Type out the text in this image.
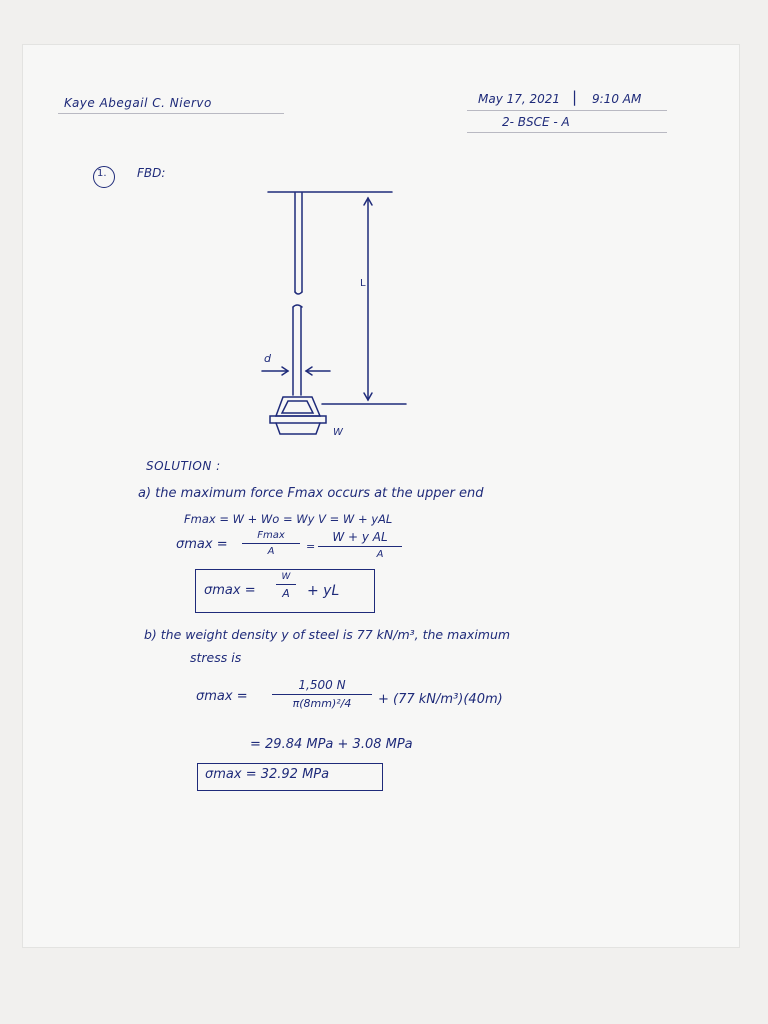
Kaye Abegail C. Niervo	May 17, 2021 | 9:10 AM
2- BSCE - A
1.	FBD:
L
d
W
SOLUTION :
a) the maximum force Fmax occurs at the upper end
Fmax = W + Wo = Wy V = W + yAL
σmax =
Fmax
A	=
W + y AL
A
σmax =
W
A	+ yL
b) the weight density y of steel is 77 kN/m³, the maximum
stress is
σmax =
1,500 N
π(8mm)²/4	+ (77 kN/m³)(40m)
= 29.84 MPa + 3.08 MPa
σmax = 32.92 MPa
